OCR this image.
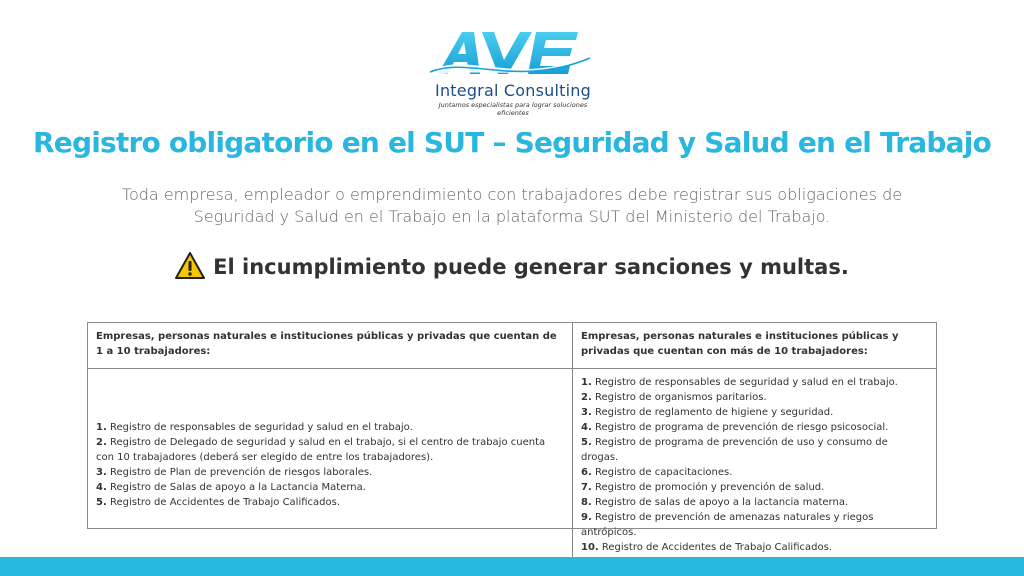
Integral Consulting
Juntamos especialistas para lograr soluciones eficientes
Registro obligatorio en el SUT – Seguridad y Salud en el Trabajo
Toda empresa, empleador o emprendimiento con trabajadores debe registrar sus obligaciones de
Seguridad y Salud en el Trabajo en la plataforma SUT del Ministerio del Trabajo.
El incumplimiento puede generar sanciones y multas.
Empresas, personas naturales e instituciones públicas y privadas que cuentan de 1 a 10 trabajadores:
Empresas, personas naturales e instituciones públicas y privadas que cuentan con más de 10 trabajadores:
1. Registro de responsables de seguridad y salud en el trabajo.
2. Registro de Delegado de seguridad y salud en el trabajo, si el centro de trabajo cuenta con 10 trabajadores (deberá ser elegido de entre los trabajadores).
3. Registro de Plan de prevención de riesgos laborales.
4. Registro de Salas de apoyo a la Lactancia Materna.
5. Registro de Accidentes de Trabajo Calificados.
1. Registro de responsables de seguridad y salud en el trabajo.
2. Registro de organismos paritarios.
3. Registro de reglamento de higiene y seguridad.
4. Registro de programa de prevención de riesgo psicosocial.
5. Registro de programa de prevención de uso y consumo de drogas.
6. Registro de capacitaciones.
7. Registro de promoción y prevención de salud.
8. Registro de salas de apoyo a la lactancia materna.
9. Registro de prevención de amenazas naturales y riegos antrópicos.
10. Registro de Accidentes de Trabajo Calificados.
